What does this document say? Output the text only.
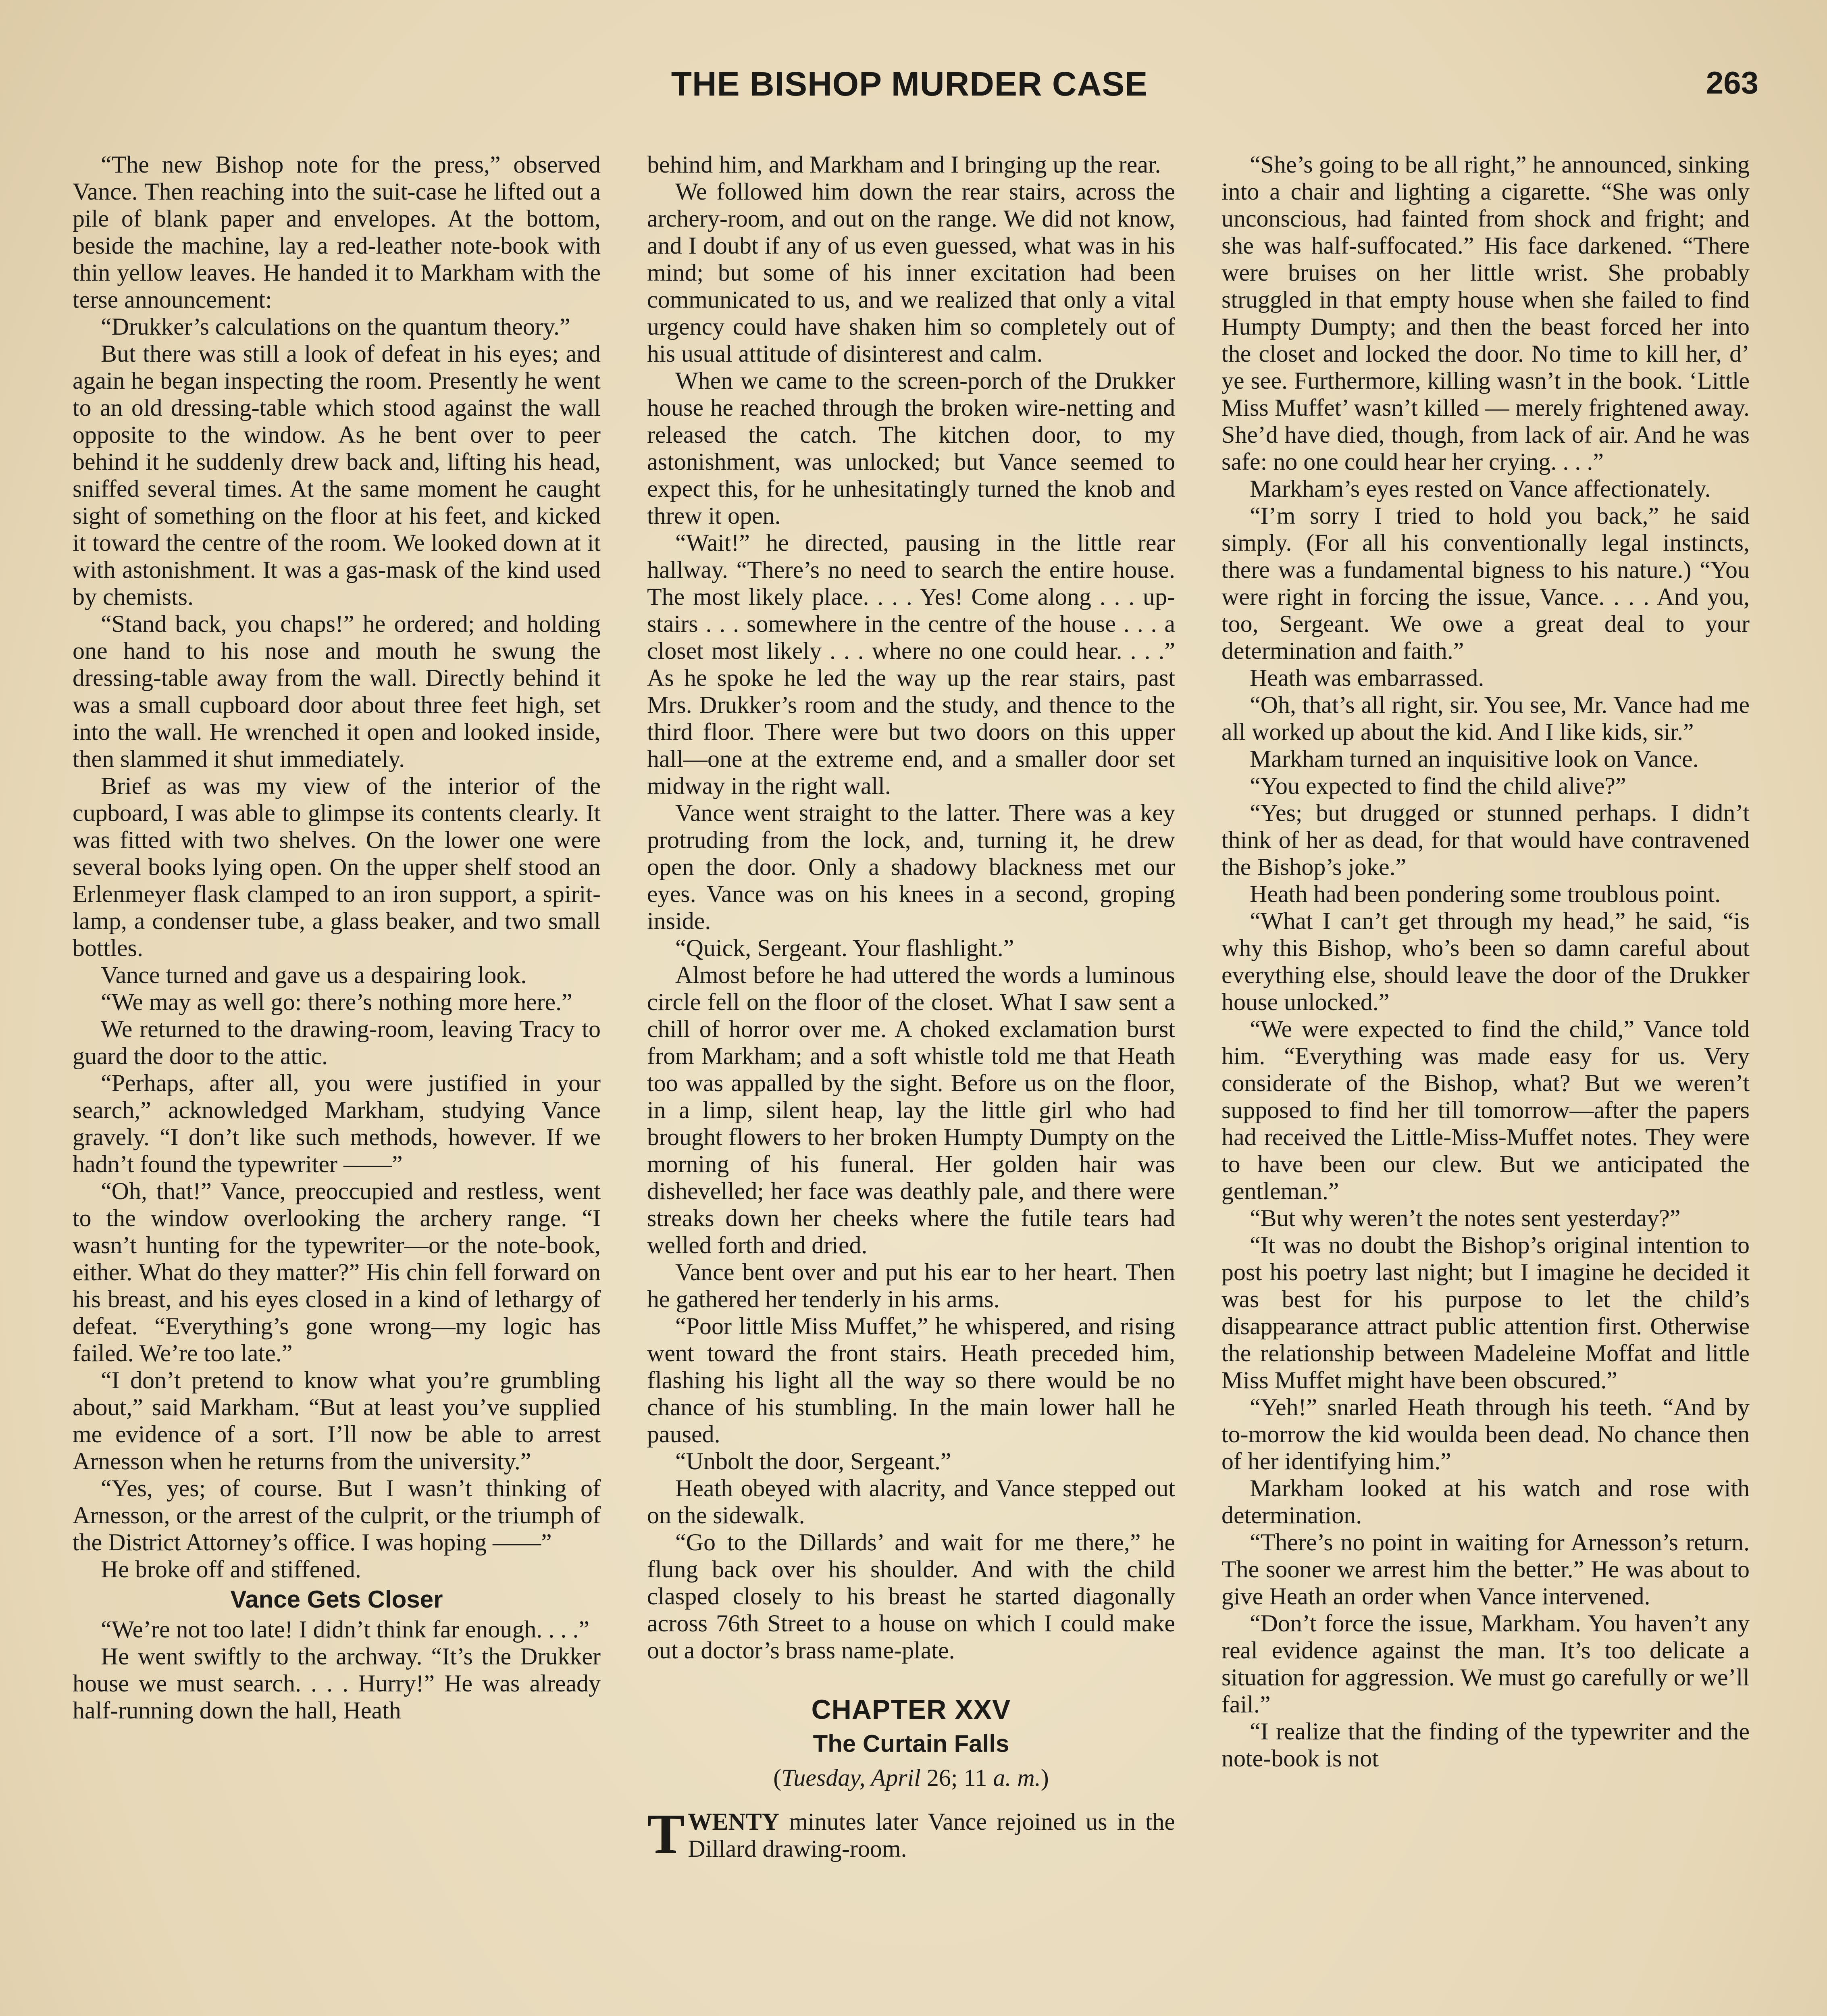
THE BISHOP MURDER CASE	263

“The new Bishop note for the press,” observed Vance. Then reaching into the suit-case he lifted out a pile of blank paper and envelopes. At the bottom, beside the machine, lay a red-leather note-book with thin yellow leaves. He handed it to Markham with the terse announcement:

“Drukker’s calculations on the quantum theory.”

But there was still a look of defeat in his eyes; and again he began inspecting the room. Presently he went to an old dressing-table which stood against the wall opposite to the window. As he bent over to peer behind it he suddenly drew back and, lifting his head, sniffed several times. At the same moment he caught sight of something on the floor at his feet, and kicked it toward the centre of the room. We looked down at it with astonishment. It was a gas-mask of the kind used by chemists.

“Stand back, you chaps!” he ordered; and holding one hand to his nose and mouth he swung the dressing-table away from the wall. Directly behind it was a small cupboard door about three feet high, set into the wall. He wrenched it open and looked inside, then slammed it shut immediately.

Brief as was my view of the interior of the cupboard, I was able to glimpse its contents clearly. It was fitted with two shelves. On the lower one were several books lying open. On the upper shelf stood an Erlenmeyer flask clamped to an iron support, a spirit-lamp, a condenser tube, a glass beaker, and two small bottles.

Vance turned and gave us a despairing look.

“We may as well go: there’s nothing more here.”

We returned to the drawing-room, leaving Tracy to guard the door to the attic.

“Perhaps, after all, you were justified in your search,” acknowledged Markham, studying Vance gravely. “I don’t like such methods, however. If we hadn’t found the typewriter ——”

“Oh, that!” Vance, preoccupied and restless, went to the window overlooking the archery range. “I wasn’t hunting for the typewriter—or the note-book, either. What do they matter?” His chin fell forward on his breast, and his eyes closed in a kind of lethargy of defeat. “Everything’s gone wrong—my logic has failed. We’re too late.”

“I don’t pretend to know what you’re grumbling about,” said Markham. “But at least you’ve supplied me evidence of a sort. I’ll now be able to arrest Arnesson when he returns from the university.”

“Yes, yes; of course. But I wasn’t thinking of Arnesson, or the arrest of the culprit, or the triumph of the District Attorney’s office. I was hoping ——”

He broke off and stiffened.

Vance Gets Closer

“We’re not too late! I didn’t think far enough. . . .”

He went swiftly to the archway. “It’s the Drukker house we must search. . . . Hurry!” He was already half-running down the hall, Heath

behind him, and Markham and I bringing up the rear.

We followed him down the rear stairs, across the archery-room, and out on the range. We did not know, and I doubt if any of us even guessed, what was in his mind; but some of his inner excitation had been communicated to us, and we realized that only a vital urgency could have shaken him so completely out of his usual attitude of disinterest and calm.

When we came to the screen-porch of the Drukker house he reached through the broken wire-netting and released the catch. The kitchen door, to my astonishment, was unlocked; but Vance seemed to expect this, for he unhesitatingly turned the knob and threw it open.

“Wait!” he directed, pausing in the little rear hallway. “There’s no need to search the entire house. The most likely place. . . . Yes! Come along . . . up-stairs . . . somewhere in the centre of the house . . . a closet most likely . . . where no one could hear. . . .” As he spoke he led the way up the rear stairs, past Mrs. Drukker’s room and the study, and thence to the third floor. There were but two doors on this upper hall—one at the extreme end, and a smaller door set midway in the right wall.

Vance went straight to the latter. There was a key protruding from the lock, and, turning it, he drew open the door. Only a shadowy blackness met our eyes. Vance was on his knees in a second, groping inside.

“Quick, Sergeant. Your flashlight.”

Almost before he had uttered the words a luminous circle fell on the floor of the closet. What I saw sent a chill of horror over me. A choked exclamation burst from Markham; and a soft whistle told me that Heath too was appalled by the sight. Before us on the floor, in a limp, silent heap, lay the little girl who had brought flowers to her broken Humpty Dumpty on the morning of his funeral. Her golden hair was dishevelled; her face was deathly pale, and there were streaks down her cheeks where the futile tears had welled forth and dried.

Vance bent over and put his ear to her heart. Then he gathered her tenderly in his arms.

“Poor little Miss Muffet,” he whispered, and rising went toward the front stairs. Heath preceded him, flashing his light all the way so there would be no chance of his stumbling. In the main lower hall he paused.

“Unbolt the door, Sergeant.”

Heath obeyed with alacrity, and Vance stepped out on the sidewalk.

“Go to the Dillards’ and wait for me there,” he flung back over his shoulder. And with the child clasped closely to his breast he started diagonally across 76th Street to a house on which I could make out a doctor’s brass name-plate.

CHAPTER XXV
The Curtain Falls
(Tuesday, April 26; 11 a. m.)

TWENTY minutes later Vance rejoined us in the Dillard drawing-room.

“She’s going to be all right,” he announced, sinking into a chair and lighting a cigarette. “She was only unconscious, had fainted from shock and fright; and she was half-suffocated.” His face darkened. “There were bruises on her little wrist. She probably struggled in that empty house when she failed to find Humpty Dumpty; and then the beast forced her into the closet and locked the door. No time to kill her, d’ ye see. Furthermore, killing wasn’t in the book. ‘Little Miss Muffet’ wasn’t killed — merely frightened away. She’d have died, though, from lack of air. And he was safe: no one could hear her crying. . . .”

Markham’s eyes rested on Vance affectionately.

“I’m sorry I tried to hold you back,” he said simply. (For all his conventionally legal instincts, there was a fundamental bigness to his nature.) “You were right in forcing the issue, Vance. . . . And you, too, Sergeant. We owe a great deal to your determination and faith.”

Heath was embarrassed.

“Oh, that’s all right, sir. You see, Mr. Vance had me all worked up about the kid. And I like kids, sir.”

Markham turned an inquisitive look on Vance.

“You expected to find the child alive?”

“Yes; but drugged or stunned perhaps. I didn’t think of her as dead, for that would have contravened the Bishop’s joke.”

Heath had been pondering some troublous point.

“What I can’t get through my head,” he said, “is why this Bishop, who’s been so damn careful about everything else, should leave the door of the Drukker house unlocked.”

“We were expected to find the child,” Vance told him. “Everything was made easy for us. Very considerate of the Bishop, what? But we weren’t supposed to find her till tomorrow—after the papers had received the Little-Miss-Muffet notes. They were to have been our clew. But we anticipated the gentleman.”

“But why weren’t the notes sent yesterday?”

“It was no doubt the Bishop’s original intention to post his poetry last night; but I imagine he decided it was best for his purpose to let the child’s disappearance attract public attention first. Otherwise the relationship between Madeleine Moffat and little Miss Muffet might have been obscured.”

“Yeh!” snarled Heath through his teeth. “And by to-morrow the kid woulda been dead. No chance then of her identifying him.”

Markham looked at his watch and rose with determination.

“There’s no point in waiting for Arnesson’s return. The sooner we arrest him the better.” He was about to give Heath an order when Vance intervened.

“Don’t force the issue, Markham. You haven’t any real evidence against the man. It’s too delicate a situation for aggression. We must go carefully or we’ll fail.”

“I realize that the finding of the typewriter and the note-book is not
